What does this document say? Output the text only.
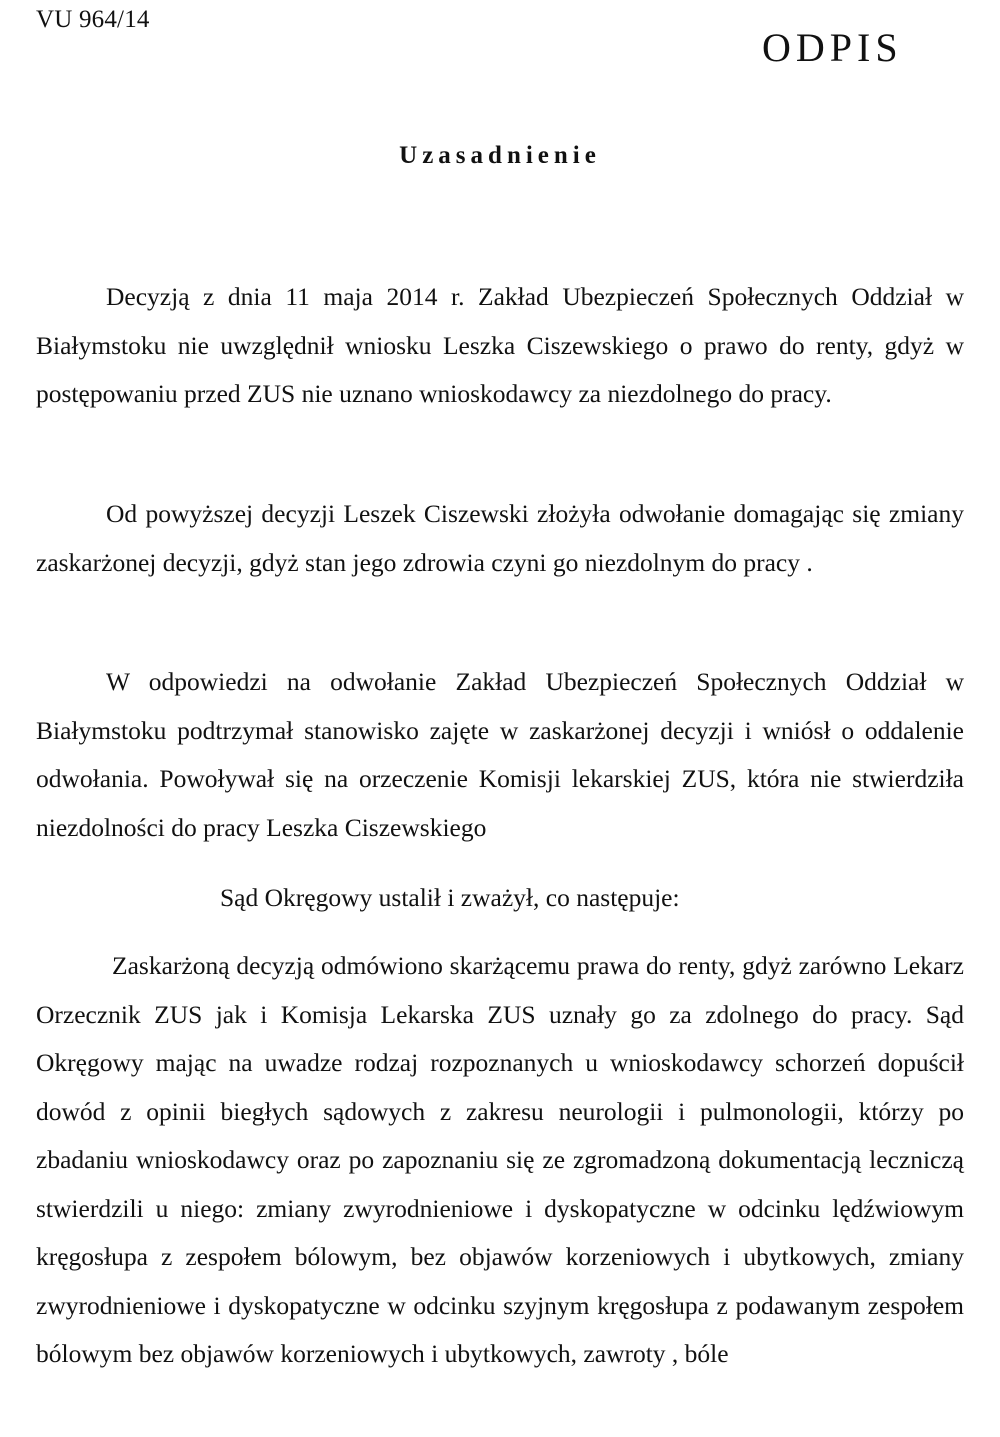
VU 964/14
ODPIS
Uzasadnienie

Decyzją z dnia 11 maja 2014 r. Zakład Ubezpieczeń Społecznych Oddział w Białymstoku nie uwzględnił wniosku Leszka Ciszewskiego o prawo do renty, gdyż w postępowaniu przed ZUS nie uznano wnioskodawcy za niezdolnego do pracy.

Od powyższej decyzji Leszek Ciszewski złożyła odwołanie domagając się zmiany zaskarżonej decyzji, gdyż stan jego zdrowia czyni go niezdolnym do pracy .

W odpowiedzi na odwołanie Zakład Ubezpieczeń Społecznych Oddział w Białymstoku podtrzymał stanowisko zajęte w zaskarżonej decyzji i wniósł o oddalenie odwołania. Powoływał się na orzeczenie Komisji lekarskiej ZUS, która nie stwierdziła niezdolności do pracy Leszka Ciszewskiego

Sąd Okręgowy ustalił i zważył, co następuje:

Zaskarżoną decyzją odmówiono skarżącemu prawa do renty, gdyż zarówno Lekarz Orzecznik ZUS jak i Komisja Lekarska ZUS uznały go za zdolnego do pracy. Sąd Okręgowy mając na uwadze rodzaj rozpoznanych u wnioskodawcy schorzeń dopuścił dowód z opinii biegłych sądowych z zakresu neurologii i pulmonologii, którzy po zbadaniu wnioskodawcy oraz po zapoznaniu się ze zgromadzoną dokumentacją leczniczą stwierdzili u niego: zmiany zwyrodnieniowe i dyskopatyczne w odcinku lędźwiowym kręgosłupa z zespołem bólowym, bez objawów korzeniowych i ubytkowych, zmiany zwyrodnieniowe i dyskopatyczne w odcinku szyjnym kręgosłupa z podawanym zespołem bólowym bez objawów korzeniowych i ubytkowych, zawroty , bóle
